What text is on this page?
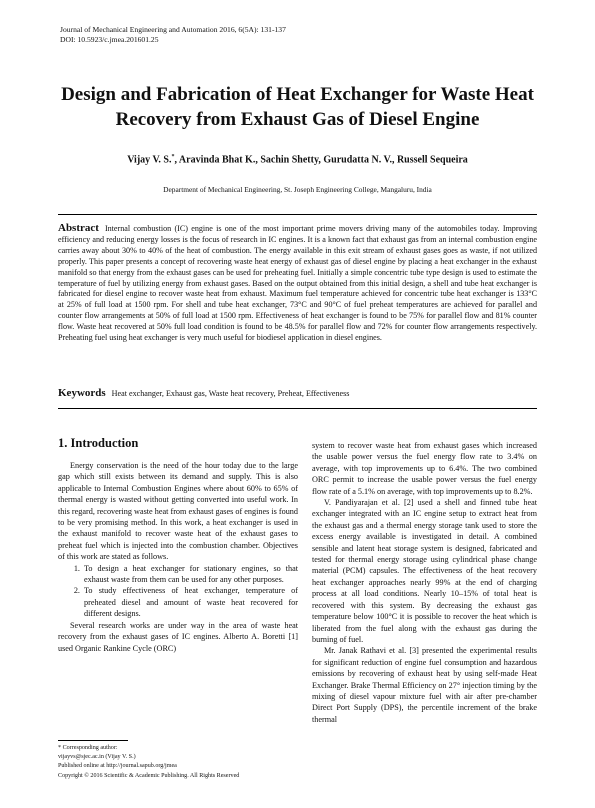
Journal of Mechanical Engineering and Automation 2016, 6(5A): 131-137
DOI: 10.5923/c.jmea.201601.25
Design and Fabrication of Heat Exchanger for Waste Heat
Recovery from Exhaust Gas of Diesel Engine
Vijay V. S.*, Aravinda Bhat K., Sachin Shetty, Gurudatta N. V., Russell Sequeira
Department of Mechanical Engineering, St. Joseph Engineering College, Mangaluru, India
Abstract Internal combustion (IC) engine is one of the most important prime movers driving many of the automobiles today. Improving efficiency and reducing energy losses is the focus of research in IC engines. It is a known fact that exhaust gas from an internal combustion engine carries away about 30% to 40% of the heat of combustion. The energy available in this exit stream of exhaust gases goes as waste, if not utilized properly. This paper presents a concept of recovering waste heat energy of exhaust gas of diesel engine by placing a heat exchanger in the exhaust manifold so that energy from the exhaust gases can be used for preheating fuel. Initially a simple concentric tube type design is used to estimate the temperature of fuel by utilizing energy from exhaust gases. Based on the output obtained from this initial design, a shell and tube heat exchanger is fabricated for diesel engine to recover waste heat from exhaust. Maximum fuel temperature achieved for concentric tube heat exchanger is 133°C at 25% of full load at 1500 rpm. For shell and tube heat exchanger, 73°C and 90°C of fuel preheat temperatures are achieved for parallel and counter flow arrangements at 50% of full load at 1500 rpm. Effectiveness of heat exchanger is found to be 75% for parallel flow and 81% counter flow. Waste heat recovered at 50% full load condition is found to be 48.5% for parallel flow and 72% for counter flow arrangements respectively. Preheating fuel using heat exchanger is very much useful for biodiesel application in diesel engines.
Keywords Heat exchanger, Exhaust gas, Waste heat recovery, Preheat, Effectiveness
1. Introduction

Energy conservation is the need of the hour today due to the large gap which still exists between its demand and supply. This is also applicable to Internal Combustion Engines where about 60% to 65% of thermal energy is wasted without getting converted into useful work. In this regard, recovering waste heat from exhaust gases of engines is found to be very promising method. In this work, a heat exchanger is used in the exhaust manifold to recover waste heat of the exhaust gases to preheat fuel which is injected into the combustion chamber. Objectives of this work are stated as follows.

1. To design a heat exchanger for stationary engines, so that exhaust waste from them can be used for any other purposes.
2. To study effectiveness of heat exchanger, temperature of preheated diesel and amount of waste heat recovered for different designs.

Several research works are under way in the area of waste heat recovery from the exhaust gases of IC engines. Alberto A. Boretti [1] used Organic Rankine Cycle (ORC)

system to recover waste heat from exhaust gases which increased the usable power versus the fuel energy flow rate to 3.4% on average, with top improvements up to 6.4%. The two combined ORC permit to increase the usable power versus the fuel energy flow rate of a 5.1% on average, with top improvements up to 8.2%.

V. Pandiyarajan et al. [2] used a shell and finned tube heat exchanger integrated with an IC engine setup to extract heat from the exhaust gas and a thermal energy storage tank used to store the excess energy available is investigated in detail. A combined sensible and latent heat storage system is designed, fabricated and tested for thermal energy storage using cylindrical phase change material (PCM) capsules. The effectiveness of the heat recovery heat exchanger approaches nearly 99% at the end of charging process at all load conditions. Nearly 10–15% of total heat is recovered with this system. By decreasing the exhaust gas temperature below 100°C it is possible to recover the heat which is liberated from the fuel along with the exhaust gas during the burning of fuel.

Mr. Janak Rathavi et al. [3] presented the experimental results for significant reduction of engine fuel consumption and hazardous emissions by recovering of exhaust heat by using self-made Heat Exchanger. Brake Thermal Efficiency on 27° injection timing by the mixing of diesel vapour mixture fuel with air after pre-chamber Direct Port Supply (DPS), the percentile increment of the brake thermal

* Corresponding author:
vijayvs@sjec.ac.in (Vijay V. S.)
Published online at http://journal.sapub.org/jmea
Copyright © 2016 Scientific & Academic Publishing. All Rights Reserved
